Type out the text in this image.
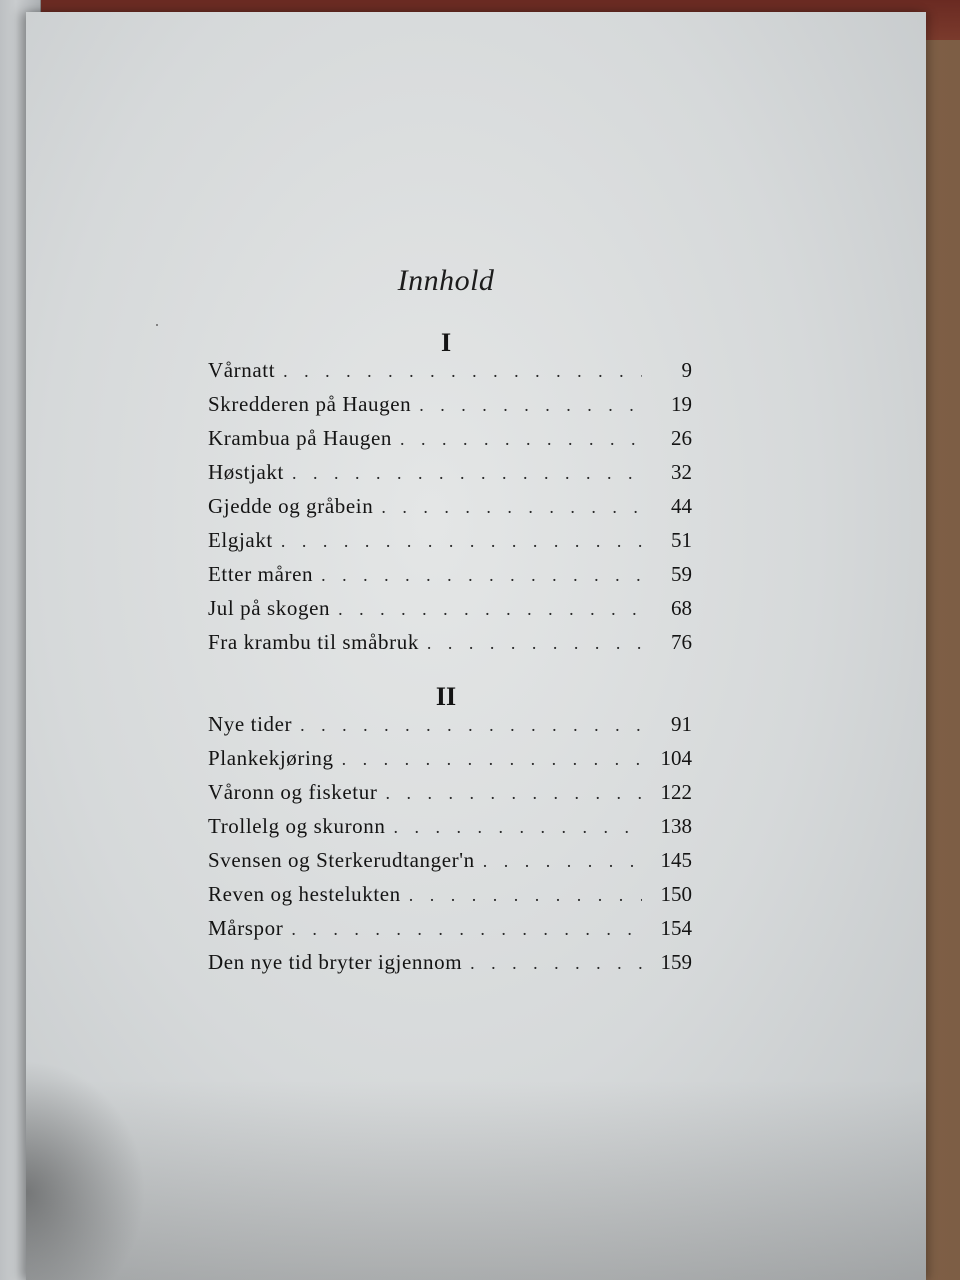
Innhold
I
Vårnatt . . .	9
Skredderen på Haugen . . .	19
Krambua på Haugen . . .	26
Høstjakt . . .	32
Gjedde og gråbein . . .	44
Elgjakt . . .	51
Etter måren . . .	59
Jul på skogen . . .	68
Fra krambu til småbruk . . .	76
II
Nye tider . . .	91
Plankekjøring . . .	104
Våronn og fisketur . . .	122
Trollelg og skuronn . . .	138
Svensen og Sterkerudtanger'n . . .	145
Reven og hestelukten . . .	150
Mårspor . . .	154
Den nye tid bryter igjennom . . .	159
